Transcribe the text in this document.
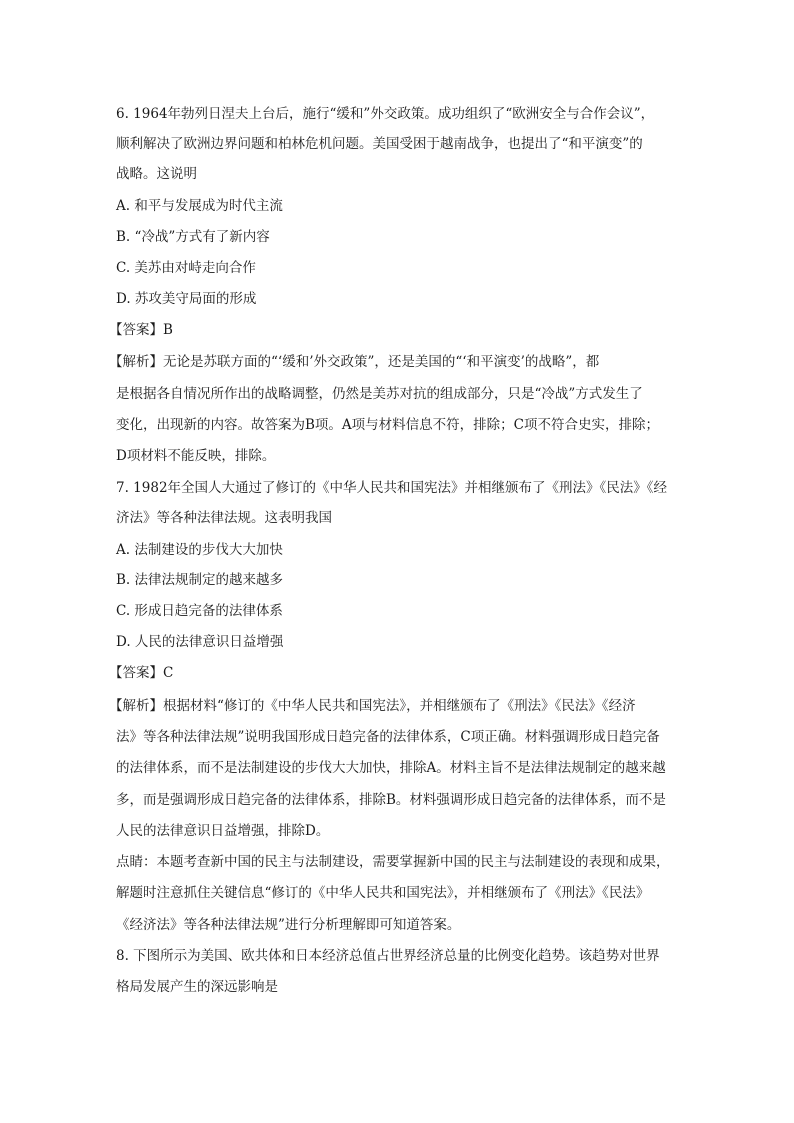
6. 1964年勃列日涅夫上台后，施行“缓和”外交政策。成功组织了“欧洲安全与合作会议”，
顺利解决了欧洲边界问题和柏林危机问题。美国受困于越南战争，也提出了“和平演变”的
战略。这说明
A. 和平与发展成为时代主流
B. “冷战”方式有了新内容
C. 美苏由对峙走向合作
D. 苏攻美守局面的形成
【答案】B
【解析】无论是苏联方面的“‘缓和’外交政策”，还是美国的“‘和平演变’的战略”，都
是根据各自情况所作出的战略调整，仍然是美苏对抗的组成部分，只是“冷战”方式发生了
变化，出现新的内容。故答案为B项。A项与材料信息不符，排除；C项不符合史实，排除；
D项材料不能反映，排除。
7. 1982年全国人大通过了修订的《中华人民共和国宪法》并相继颁布了《刑法》《民法》《经
济法》等各种法律法规。这表明我国
A. 法制建设的步伐大大加快
B. 法律法规制定的越来越多
C. 形成日趋完备的法律体系
D. 人民的法律意识日益增强
【答案】C
【解析】根据材料“修订的《中华人民共和国宪法》，并相继颁布了《刑法》《民法》《经济
法》等各种法律法规”说明我国形成日趋完备的法律体系，C项正确。材料强调形成日趋完备
的法律体系，而不是法制建设的步伐大大加快，排除A。材料主旨不是法律法规制定的越来越
多，而是强调形成日趋完备的法律体系，排除B。材料强调形成日趋完备的法律体系，而不是
人民的法律意识日益增强，排除D。
点睛：本题考查新中国的民主与法制建设，需要掌握新中国的民主与法制建设的表现和成果，
解题时注意抓住关键信息“修订的《中华人民共和国宪法》，并相继颁布了《刑法》《民法》
《经济法》等各种法律法规”进行分析理解即可知道答案。
8. 下图所示为美国、欧共体和日本经济总值占世界经济总量的比例变化趋势。该趋势对世界
格局发展产生的深远影响是
